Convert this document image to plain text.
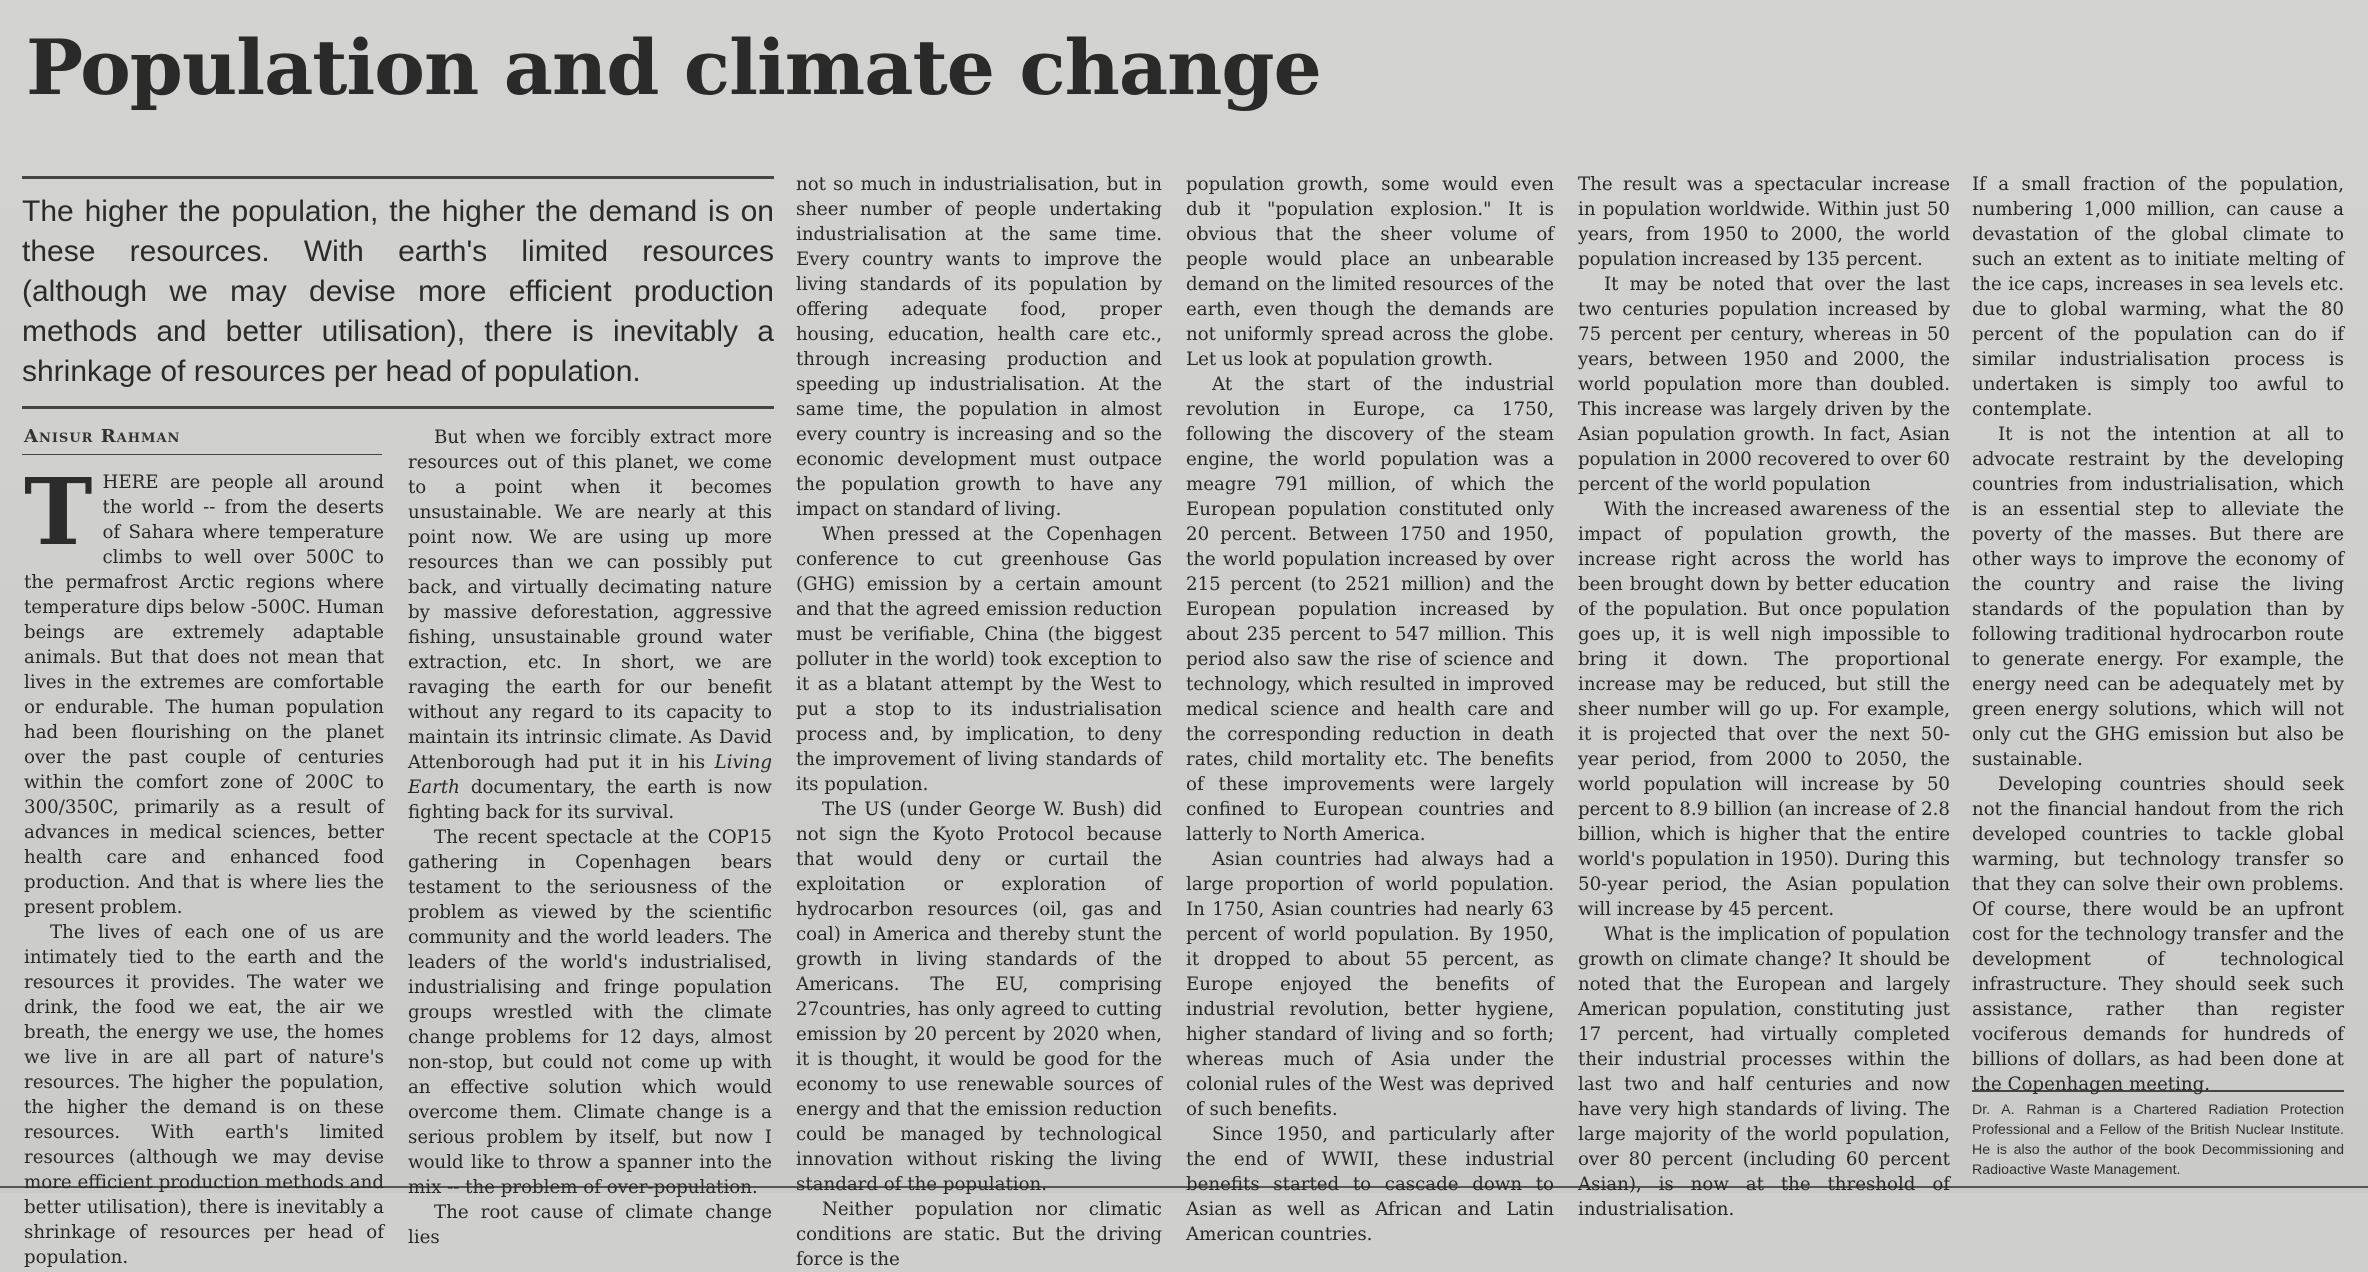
Population and climate change

The higher the population, the higher the demand is on these resources. With earth's limited resources (although we may devise more efficient production methods and better utilisation), there is inevitably a shrinkage of resources per head of population.

Anisur Rahman

THERE are people all around the world -- from the deserts of Sahara where temperature climbs to well over 500C to the permafrost Arctic regions where temperature dips below -500C. Human beings are extremely adaptable animals. But that does not mean that lives in the extremes are comfortable or endurable. The human population had been flourishing on the planet over the past couple of centuries within the comfort zone of 200C to 300/350C, primarily as a result of advances in medical sciences, better health care and enhanced food production. And that is where lies the present problem.

The lives of each one of us are intimately tied to the earth and the resources it provides. The water we drink, the food we eat, the air we breath, the energy we use, the homes we live in are all part of nature's resources. The higher the population, the higher the demand is on these resources. With earth's limited resources (although we may devise more efficient production methods and better utilisation), there is inevitably a shrinkage of resources per head of population.

But when we forcibly extract more resources out of this planet, we come to a point when it becomes unsustainable. We are nearly at this point now. We are using up more resources than we can possibly put back, and virtually decimating nature by massive deforestation, aggressive fishing, unsustainable ground water extraction, etc. In short, we are ravaging the earth for our benefit without any regard to its capacity to maintain its intrinsic climate. As David Attenborough had put it in his Living Earth documentary, the earth is now fighting back for its survival.

The recent spectacle at the COP15 gathering in Copenhagen bears testament to the seriousness of the problem as viewed by the scientific community and the world leaders. The leaders of the world's industrialised, industrialising and fringe population groups wrestled with the climate change problems for 12 days, almost non-stop, but could not come up with an effective solution which would overcome them. Climate change is a serious problem by itself, but now I would like to throw a spanner into the mix -- the problem of over-population.

The root cause of climate change lies

not so much in industrialisation, but in sheer number of people undertaking industrialisation at the same time. Every country wants to improve the living standards of its population by offering adequate food, proper housing, education, health care etc., through increasing production and speeding up industrialisation. At the same time, the population in almost every country is increasing and so the economic development must outpace the population growth to have any impact on standard of living.

When pressed at the Copenhagen conference to cut greenhouse Gas (GHG) emission by a certain amount and that the agreed emission reduction must be verifiable, China (the biggest polluter in the world) took exception to it as a blatant attempt by the West to put a stop to its industrialisation process and, by implication, to deny the improvement of living standards of its population.

The US (under George W. Bush) did not sign the Kyoto Protocol because that would deny or curtail the exploitation or exploration of hydrocarbon resources (oil, gas and coal) in America and thereby stunt the growth in living standards of the Americans. The EU, comprising 27countries, has only agreed to cutting emission by 20 percent by 2020 when, it is thought, it would be good for the economy to use renewable sources of energy and that the emission reduction could be managed by technological innovation without risking the living standard of the population.

Neither population nor climatic conditions are static. But the driving force is the

population growth, some would even dub it "population explosion." It is obvious that the sheer volume of people would place an unbearable demand on the limited resources of the earth, even though the demands are not uniformly spread across the globe. Let us look at population growth.

At the start of the industrial revolution in Europe, ca 1750, following the discovery of the steam engine, the world population was a meagre 791 million, of which the European population constituted only 20 percent. Between 1750 and 1950, the world population increased by over 215 percent (to 2521 million) and the European population increased by about 235 percent to 547 million. This period also saw the rise of science and technology, which resulted in improved medical science and health care and the corresponding reduction in death rates, child mortality etc. The benefits of these improvements were largely confined to European countries and latterly to North America.

Asian countries had always had a large proportion of world population. In 1750, Asian countries had nearly 63 percent of world population. By 1950, it dropped to about 55 percent, as Europe enjoyed the benefits of industrial revolution, better hygiene, higher standard of living and so forth; whereas much of Asia under the colonial rules of the West was deprived of such benefits.

Since 1950, and particularly after the end of WWII, these industrial benefits started to cascade down to Asian as well as African and Latin American countries.

The result was a spectacular increase in population worldwide. Within just 50 years, from 1950 to 2000, the world population increased by 135 percent.

It may be noted that over the last two centuries population increased by 75 percent per century, whereas in 50 years, between 1950 and 2000, the world population more than doubled. This increase was largely driven by the Asian population growth. In fact, Asian population in 2000 recovered to over 60 percent of the world population

With the increased awareness of the impact of population growth, the increase right across the world has been brought down by better education of the population. But once population goes up, it is well nigh impossible to bring it down. The proportional increase may be reduced, but still the sheer number will go up. For example, it is projected that over the next 50-year period, from 2000 to 2050, the world population will increase by 50 percent to 8.9 billion (an increase of 2.8 billion, which is higher that the entire world's population in 1950). During this 50-year period, the Asian population will increase by 45 percent.

What is the implication of population growth on climate change? It should be noted that the European and largely American population, constituting just 17 percent, had virtually completed their industrial processes within the last two and half centuries and now have very high standards of living. The large majority of the world population, over 80 percent (including 60 percent Asian), is now at the threshold of industrialisation.

If a small fraction of the population, numbering 1,000 million, can cause a devastation of the global climate to such an extent as to initiate melting of the ice caps, increases in sea levels etc. due to global warming, what the 80 percent of the population can do if similar industrialisation process is undertaken is simply too awful to contemplate.

It is not the intention at all to advocate restraint by the developing countries from industrialisation, which is an essential step to alleviate the poverty of the masses. But there are other ways to improve the economy of the country and raise the living standards of the population than by following traditional hydrocarbon route to generate energy. For example, the energy need can be adequately met by green energy solutions, which will not only cut the GHG emission but also be sustainable.

Developing countries should seek not the financial handout from the rich developed countries to tackle global warming, but technology transfer so that they can solve their own problems. Of course, there would be an upfront cost for the technology transfer and the development of technological infrastructure. They should seek such assistance, rather than register vociferous demands for hundreds of billions of dollars, as had been done at the Copenhagen meeting.

Dr. A. Rahman is a Chartered Radiation Protection Professional and a Fellow of the British Nuclear Institute. He is also the author of the book Decommissioning and Radioactive Waste Management.
